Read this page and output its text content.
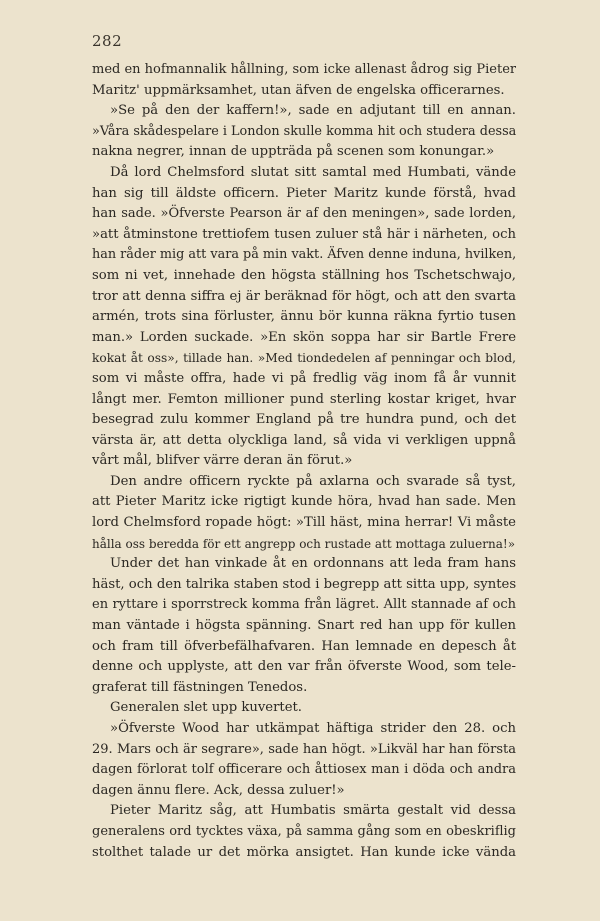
282
med en hofmannalik hållning, som icke allenast ådrog sig Pieter
Maritz' uppmärksamhet, utan äfven de engelska officerarnes.
»Se på den der kaffern!», sade en adjutant till en annan.
»Våra skådespelare i London skulle komma hit och studera dessa
nakna negrer, innan de uppträda på scenen som konungar.»
Då lord Chelmsford slutat sitt samtal med Humbati, vände
han sig till äldste officern. Pieter Maritz kunde förstå, hvad
han sade. »Öfverste Pearson är af den meningen», sade lorden,
»att åtminstone trettiofem tusen zuluer stå här i närheten, och
han råder mig att vara på min vakt. Äfven denne induna, hvilken,
som ni vet, innehade den högsta ställning hos Tschetschwajo,
tror att denna siffra ej är beräknad för högt, och att den svarta
armén, trots sina förluster, ännu bör kunna räkna fyrtio tusen
man.» Lorden suckade. »En skön soppa har sir Bartle Frere
kokat åt oss», tillade han. »Med tiondedelen af penningar och blod,
som vi måste offra, hade vi på fredlig väg inom få år vunnit
långt mer. Femton millioner pund sterling kostar kriget, hvar
besegrad zulu kommer England på tre hundra pund, och det
värsta är, att detta olyckliga land, så vida vi verkligen uppnå
vårt mål, blifver värre deran än förut.»
Den andre officern ryckte på axlarna och svarade så tyst,
att Pieter Maritz icke rigtigt kunde höra, hvad han sade. Men
lord Chelmsford ropade högt: »Till häst, mina herrar! Vi måste
hålla oss beredda för ett angrepp och rustade att mottaga zuluerna!»
Under det han vinkade åt en ordonnans att leda fram hans
häst, och den talrika staben stod i begrepp att sitta upp, syntes
en ryttare i sporrstreck komma från lägret. Allt stannade af och
man väntade i högsta spänning. Snart red han upp för kullen
och fram till öfverbefälhafvaren. Han lemnade en depesch åt
denne och upplyste, att den var från öfverste Wood, som tele-
graferat till fästningen Tenedos.
Generalen slet upp kuvertet.
»Öfverste Wood har utkämpat häftiga strider den 28. och
29. Mars och är segrare», sade han högt. »Likväl har han första
dagen förlorat tolf officerare och åttiosex man i döda och andra
dagen ännu flere. Ack, dessa zuluer!»
Pieter Maritz såg, att Humbatis smärta gestalt vid dessa
generalens ord tycktes växa, på samma gång som en obeskriflig
stolthet talade ur det mörka ansigtet. Han kunde icke vända
